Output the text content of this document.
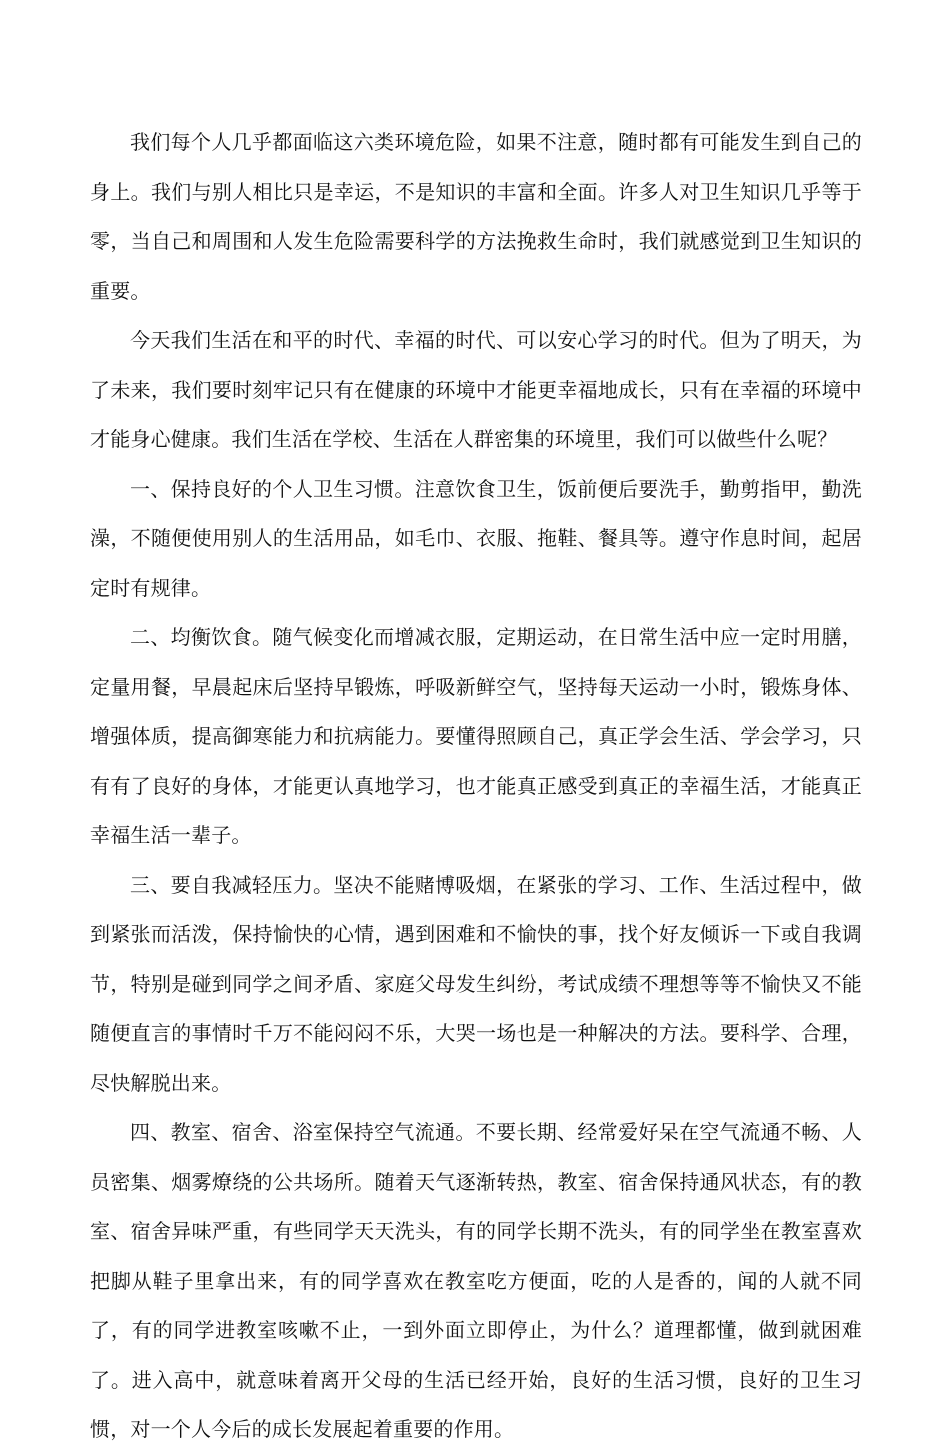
我们每个人几乎都面临这六类环境危险，如果不注意，随时都有可能发生到自己的身上。我们与别人相比只是幸运，不是知识的丰富和全面。许多人对卫生知识几乎等于零，当自己和周围和人发生危险需要科学的方法挽救生命时，我们就感觉到卫生知识的重要。

今天我们生活在和平的时代、幸福的时代、可以安心学习的时代。但为了明天，为了未来，我们要时刻牢记只有在健康的环境中才能更幸福地成长，只有在幸福的环境中才能身心健康。我们生活在学校、生活在人群密集的环境里，我们可以做些什么呢？

一、保持良好的个人卫生习惯。注意饮食卫生，饭前便后要洗手，勤剪指甲，勤洗澡，不随便使用别人的生活用品，如毛巾、衣服、拖鞋、餐具等。遵守作息时间，起居定时有规律。

二、均衡饮食。随气候变化而增减衣服，定期运动，在日常生活中应一定时用膳，定量用餐，早晨起床后坚持早锻炼，呼吸新鲜空气，坚持每天运动一小时，锻炼身体、增强体质，提高御寒能力和抗病能力。要懂得照顾自己，真正学会生活、学会学习，只有有了良好的身体，才能更认真地学习，也才能真正感受到真正的幸福生活，才能真正幸福生活一辈子。

三、要自我减轻压力。坚决不能赌博吸烟，在紧张的学习、工作、生活过程中，做到紧张而活泼，保持愉快的心情，遇到困难和不愉快的事，找个好友倾诉一下或自我调节，特别是碰到同学之间矛盾、家庭父母发生纠纷，考试成绩不理想等等不愉快又不能随便直言的事情时千万不能闷闷不乐，大哭一场也是一种解决的方法。要科学、合理，尽快解脱出来。

四、教室、宿舍、浴室保持空气流通。不要长期、经常爱好呆在空气流通不畅、人员密集、烟雾燎绕的公共场所。随着天气逐渐转热，教室、宿舍保持通风状态，有的教室、宿舍异味严重，有些同学天天洗头，有的同学长期不洗头，有的同学坐在教室喜欢把脚从鞋子里拿出来，有的同学喜欢在教室吃方便面，吃的人是香的，闻的人就不同了，有的同学进教室咳嗽不止，一到外面立即停止，为什么？道理都懂，做到就困难了。进入高中，就意味着离开父母的生活已经开始，良好的生活习惯，良好的卫生习惯，对一个人今后的成长发展起着重要的作用。
